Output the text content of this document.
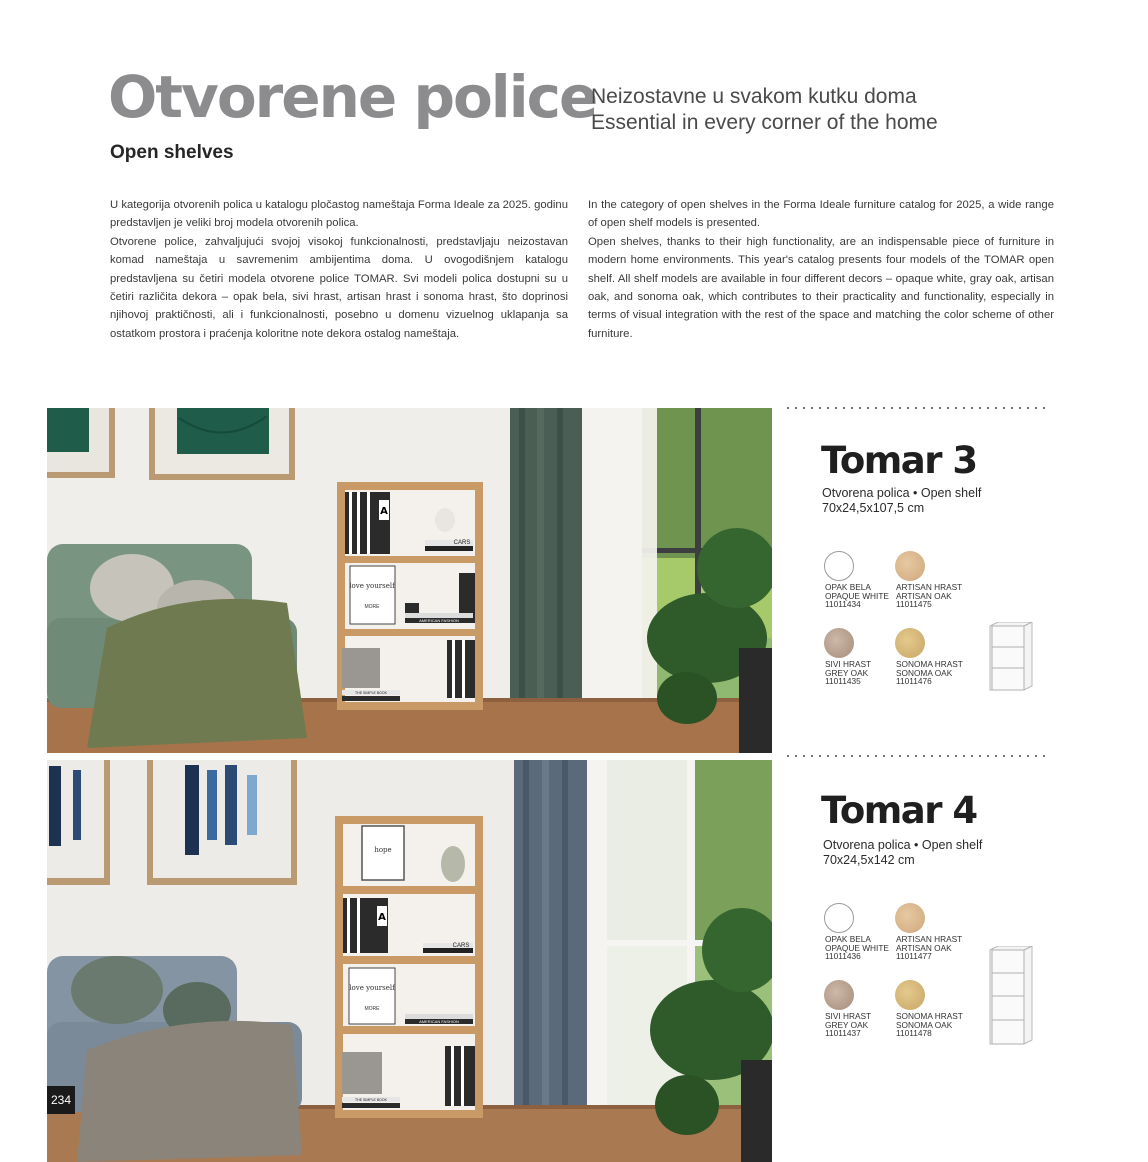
Otvorene police
Open shelves
Neizostavne u svakom kutku doma
Essential in every corner of the home

U kategorija otvorenih polica u katalogu pločastog nameštaja Forma Ideale za 2025. godinu predstavljen je veliki broj modela otvorenih polica.

Otvorene police, zahvaljujući svojoj visokoj funkcionalnosti, predstavljaju neizostavan komad nameštaja u savremenim ambijentima doma. U ovogodišnjem katalogu predstavljena su četiri modela otvorene police TOMAR. Svi modeli polica dostupni su u četiri različita dekora – opak bela, sivi hrast, artisan hrast i sonoma hrast, što doprinosi njihovoj praktičnosti, ali i funkcionalnosti, posebno u domenu vizuelnog uklapanja sa ostatkom prostora i praćenja koloritne note dekora ostalog nameštaja.

In the category of open shelves in the Forma Ideale furniture catalog for 2025, a wide range of open shelf models is presented.

Open shelves, thanks to their high functionality, are an indispensable piece of furniture in modern home environments. This year's catalog presents four models of the TOMAR open shelf. All shelf models are available in four different decors – opaque white, gray oak, artisan oak, and sonoma oak, which contributes to their practicality and functionality, especially in terms of visual integration with the rest of the space and matching the color scheme of other furniture.

A
CARS
love yourself
MORE
AMERICAN FASHION
THE SIMPLE BOOK
hope
A
CARS
love yourself
MORE
AMERICAN FASHION
THE SIMPLE BOOK
Tomar 3
Otvorena polica • Open shelf
70x24,5x107,5 cm
OPAK BELA
OPAQUE WHITE
11011434
ARTISAN HRAST
ARTISAN OAK
11011475
SIVI HRAST
GREY OAK
11011435
SONOMA HRAST
SONOMA OAK
11011476
Tomar 4
Otvorena polica • Open shelf
70x24,5x142 cm
OPAK BELA
OPAQUE WHITE
11011436
ARTISAN HRAST
ARTISAN OAK
11011477
SIVI HRAST
GREY OAK
11011437
SONOMA HRAST
SONOMA OAK
11011478
234
